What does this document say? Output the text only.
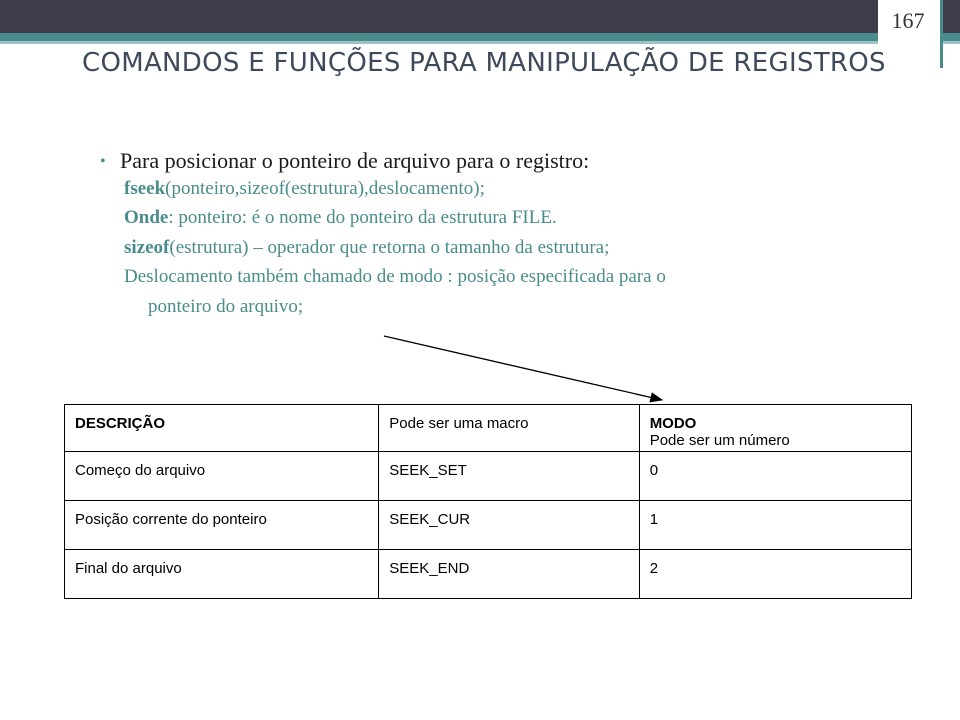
167
COMANDOS E FUNÇÕES PARA MANIPULAÇÃO DE REGISTROS
• Para posicionar o ponteiro de arquivo para o registro:
fseek(ponteiro,sizeof(estrutura),deslocamento);
Onde: ponteiro: é o nome do ponteiro da estrutura FILE.
sizeof(estrutura) – operador que retorna o tamanho da estrutura;
Deslocamento também chamado de modo : posição especificada para o
ponteiro do arquivo;
DESCRIÇÃO	Pode ser uma macro	MODO
Pode ser um número

Começo do arquivo	SEEK_SET	0
Posição corrente do ponteiro	SEEK_CUR	1
Final do arquivo	SEEK_END	2
